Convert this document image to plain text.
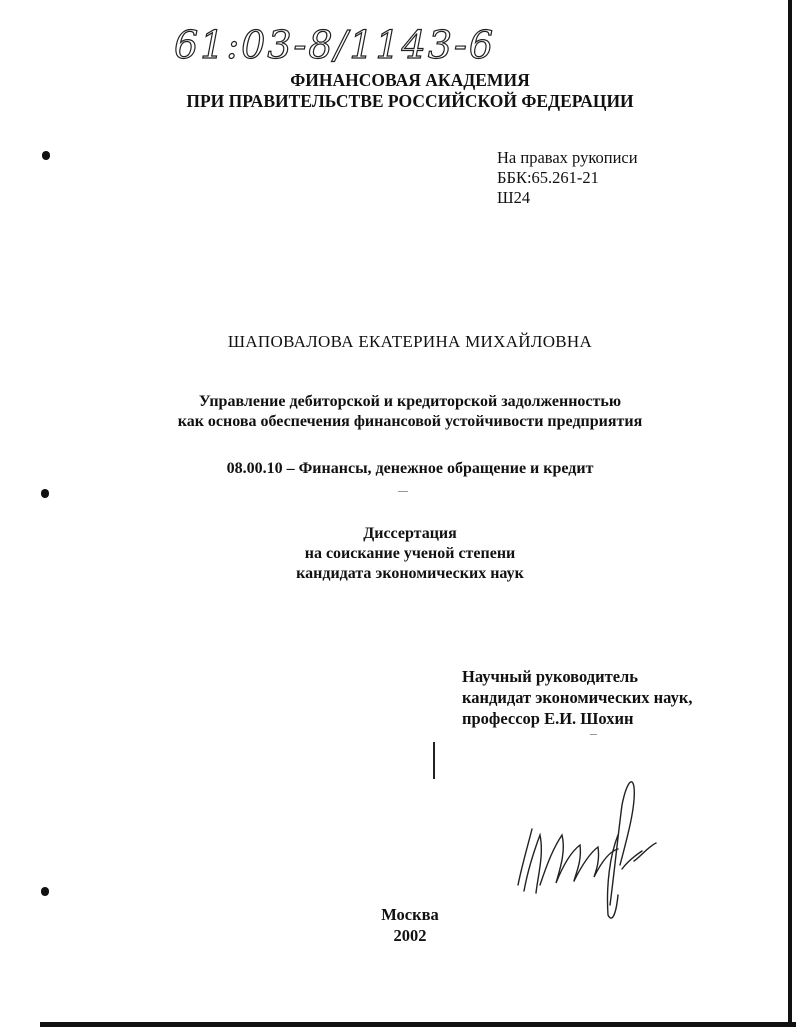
61:03-8/1143-6
ФИНАНСОВАЯ АКАДЕМИЯ
ПРИ ПРАВИТЕЛЬСТВЕ РОССИЙСКОЙ ФЕДЕРАЦИИ
На правах рукописи
ББК:65.261-21
Ш24
ШАПОВАЛОВА ЕКАТЕРИНА МИХАЙЛОВНА
Управление дебиторской и кредиторской задолженностью
как основа обеспечения финансовой устойчивости предприятия
08.00.10 – Финансы, денежное обращение и кредит
Диссертация
на соискание ученой степени
кандидата экономических наук
Научный руководитель
кандидат экономических наук,
профессор Е.И. Шохин
Москва
2002
